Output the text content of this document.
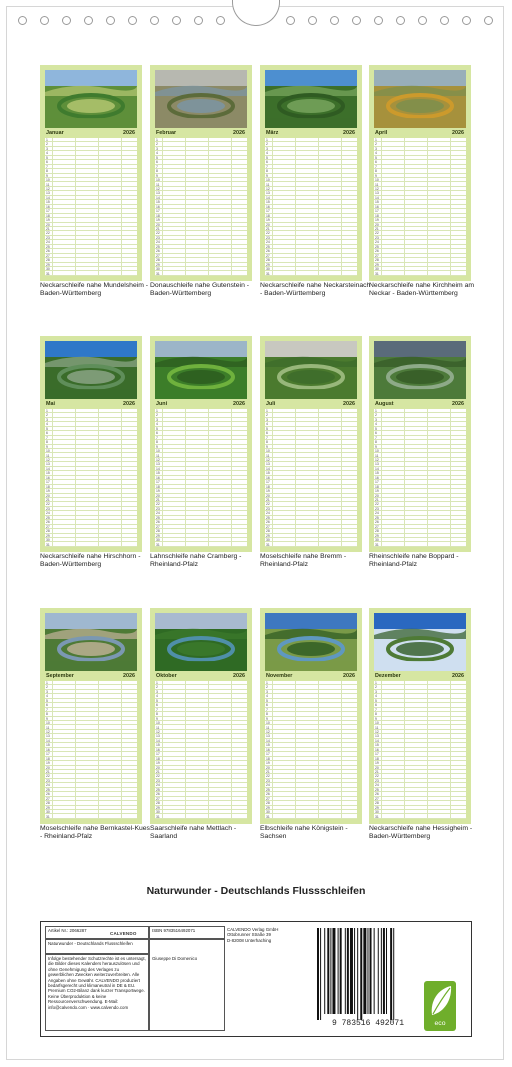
Januar	2026
1
2
3
4
5
6
7
8
9
10
11
12
13
14
15
16
17
18
19
20
21
22
23
24
25
26
27
28
29
30
31
Neckarschleife nahe Mundelsheim - Baden-Württemberg
Februar	2026
1
2
3
4
5
6
7
8
9
10
11
12
13
14
15
16
17
18
19
20
21
22
23
24
25
26
27
28
29
30
31
Donauschleife nahe Gutenstein - Baden-Württemberg
März	2026
1
2
3
4
5
6
7
8
9
10
11
12
13
14
15
16
17
18
19
20
21
22
23
24
25
26
27
28
29
30
31
Neckarschleife nahe Neckarsteinach - Baden-Württemberg
April	2026
1
2
3
4
5
6
7
8
9
10
11
12
13
14
15
16
17
18
19
20
21
22
23
24
25
26
27
28
29
30
31
Neckarschleife nahe Kirchheim am Neckar - Baden-Württemberg
Mai	2026
1
2
3
4
5
6
7
8
9
10
11
12
13
14
15
16
17
18
19
20
21
22
23
24
25
26
27
28
29
30
31
Neckarschleife nahe Hirschhorn - Baden-Württemberg
Juni	2026
1
2
3
4
5
6
7
8
9
10
11
12
13
14
15
16
17
18
19
20
21
22
23
24
25
26
27
28
29
30
31
Lahnschleife nahe Cramberg - Rheinland-Pfalz
Juli	2026
1
2
3
4
5
6
7
8
9
10
11
12
13
14
15
16
17
18
19
20
21
22
23
24
25
26
27
28
29
30
31
Moselschleife nahe Bremm - Rheinland-Pfalz
August	2026
1
2
3
4
5
6
7
8
9
10
11
12
13
14
15
16
17
18
19
20
21
22
23
24
25
26
27
28
29
30
31
Rheinschleife nahe Boppard - Rheinland-Pfalz
September	2026
1
2
3
4
5
6
7
8
9
10
11
12
13
14
15
16
17
18
19
20
21
22
23
24
25
26
27
28
29
30
31
Moselschleife nahe Bernkastel-Kues - Rheinland-Pfalz
Oktober	2026
1
2
3
4
5
6
7
8
9
10
11
12
13
14
15
16
17
18
19
20
21
22
23
24
25
26
27
28
29
30
31
Saarschleife nahe Mettlach - Saarland
November	2026
1
2
3
4
5
6
7
8
9
10
11
12
13
14
15
16
17
18
19
20
21
22
23
24
25
26
27
28
29
30
31
Elbschleife nahe Königstein - Sachsen
Dezember	2026
1
2
3
4
5
6
7
8
9
10
11
12
13
14
15
16
17
18
19
20
21
22
23
24
25
26
27
28
29
30
31
Neckarschleife nahe Hessigheim - Baden-Württemberg
Naturwunder - Deutschlands Flussschleifen
Artikel Nr.: 2066287
CALVENDO
ISBN 9783516492071	CALVENDO Verlag GmbH
Ottobrunner Straße 39
D-82008 Unterhaching
Naturwunder - Deutschlands Flussschleifen
Giuseppe Di Domenico
Infolge bestehender Schutzrechte ist es untersagt, die Bilder dieses Kalenders herauszulösen und ohne Genehmigung des Verlages zu gewerblichen Zwecken weiterzuverbreiten. Alle Angaben ohne Gewähr. CALVENDO produziert bedarfsgerecht und klimaneutral in DE & EU. Premium CO2-Bilanz dank kurzer Transportwege. Keine Überproduktion & keine Ressourcenverschwendung. E-Mail: info@calvendo.com · www.calvendo.com
9 783516 492071	eco
